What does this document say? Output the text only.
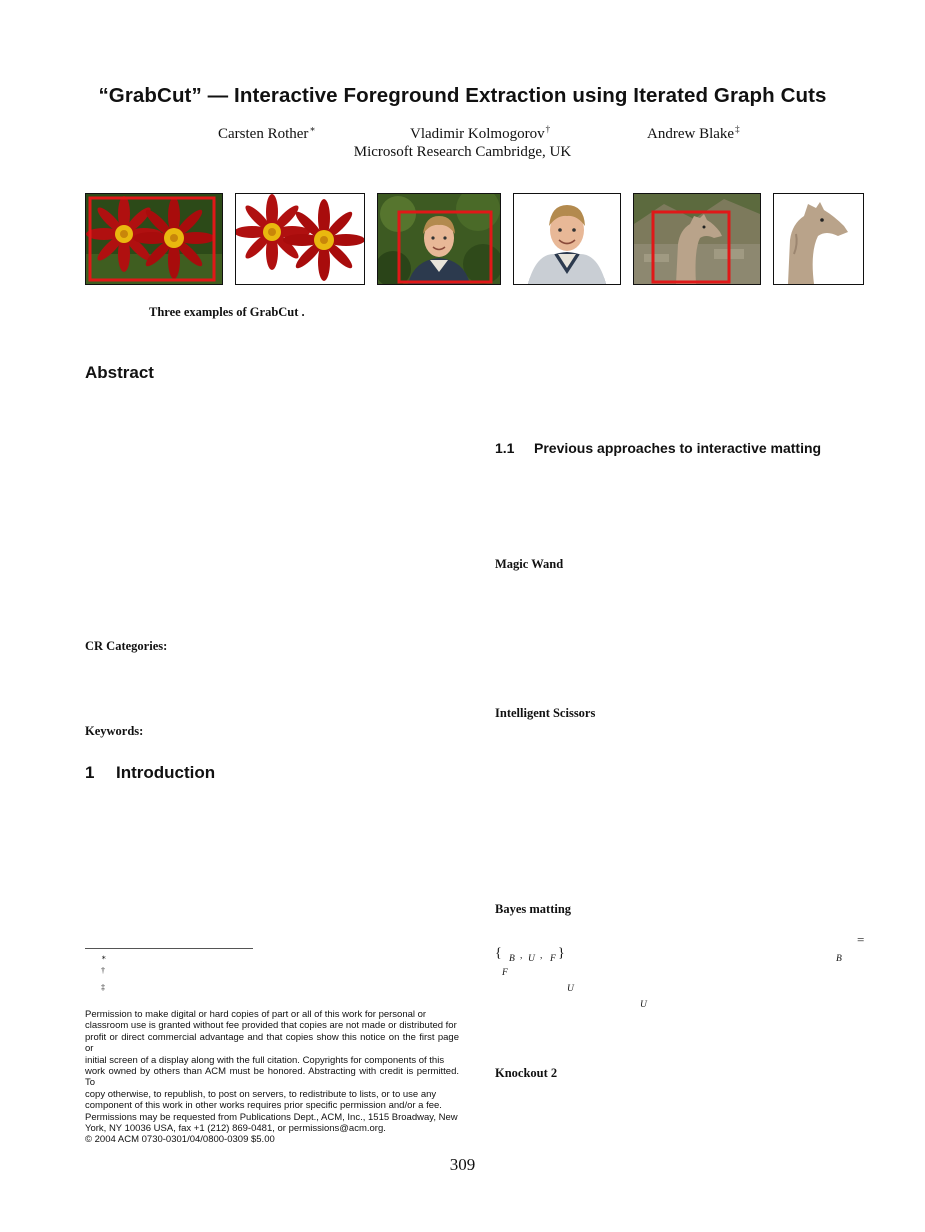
“GrabCut” — Interactive Foreground Extraction using Iterated Graph Cuts
Carsten Rother∗	Vladimir Kolmogorov†	Andrew Blake‡
Microsoft Research Cambridge, UK
Three examples of GrabCut .
Abstract
CR Categories:
Keywords:
1 Introduction
∗
†
‡
Permission to make digital or hard copies of part or all of this work for personal or
classroom use is granted without fee provided that copies are not made or distributed for
profit or direct commercial advantage and that copies show this notice on the first page or
initial screen of a display along with the full citation. Copyrights for components of this
work owned by others than ACM must be honored. Abstracting with credit is permitted. To
copy otherwise, to republish, to post on servers, to redistribute to lists, or to use any
component of this work in other works requires prior specific permission and/or a fee.
Permissions may be requested from Publications Dept., ACM, Inc., 1515 Broadway, New
York, NY 10036 USA, fax +1 (212) 869-0481, or permissions@acm.org.
© 2004 ACM 0730-0301/04/0800-0309 $5.00
1.1 Previous approaches to interactive matting
Magic Wand
Intelligent Scissors
Bayes matting
=
{ B , U , F }	B
F
U
U
Knockout 2
309
